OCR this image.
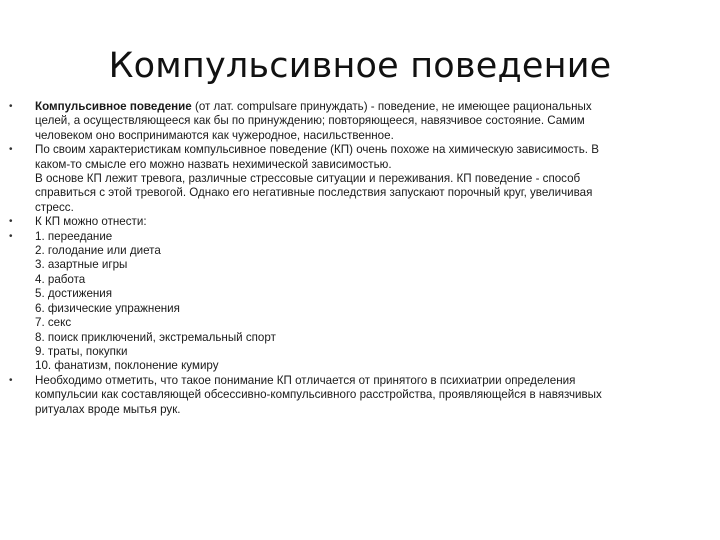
Компульсивное поведение
• Компульсивное поведение (от лат. compulsare принуждать) - поведение, не имеющее рациональных
целей, а осуществляющееся как бы по принуждению; повторяющееся, навязчивое состояние. Самим
человеком оно воспринимаются как чужеродное, насильственное.
• По своим характеристикам компульсивное поведение (КП) очень похоже на химическую зависимость. В
каком-то смысле его можно назвать нехимической зависимостью.
В основе КП лежит тревога, различные стрессовые ситуации и переживания. КП поведение - способ
справиться с этой тревогой. Однако его негативные последствия запускают порочный круг, увеличивая
стресс.
• К КП можно отнести:
• 1. переедание
2. голодание или диета
3. азартные игры
4. работа
5. достижения
6. физические упражнения
7. секс
8. поиск приключений, экстремальный спорт
9. траты, покупки
10. фанатизм, поклонение кумиру
• Необходимо отметить, что такое понимание КП отличается от принятого в психиатрии определения
компульсии как составляющей обсессивно-компульсивного расстройства, проявляющейся в навязчивых
ритуалах вроде мытья рук.
